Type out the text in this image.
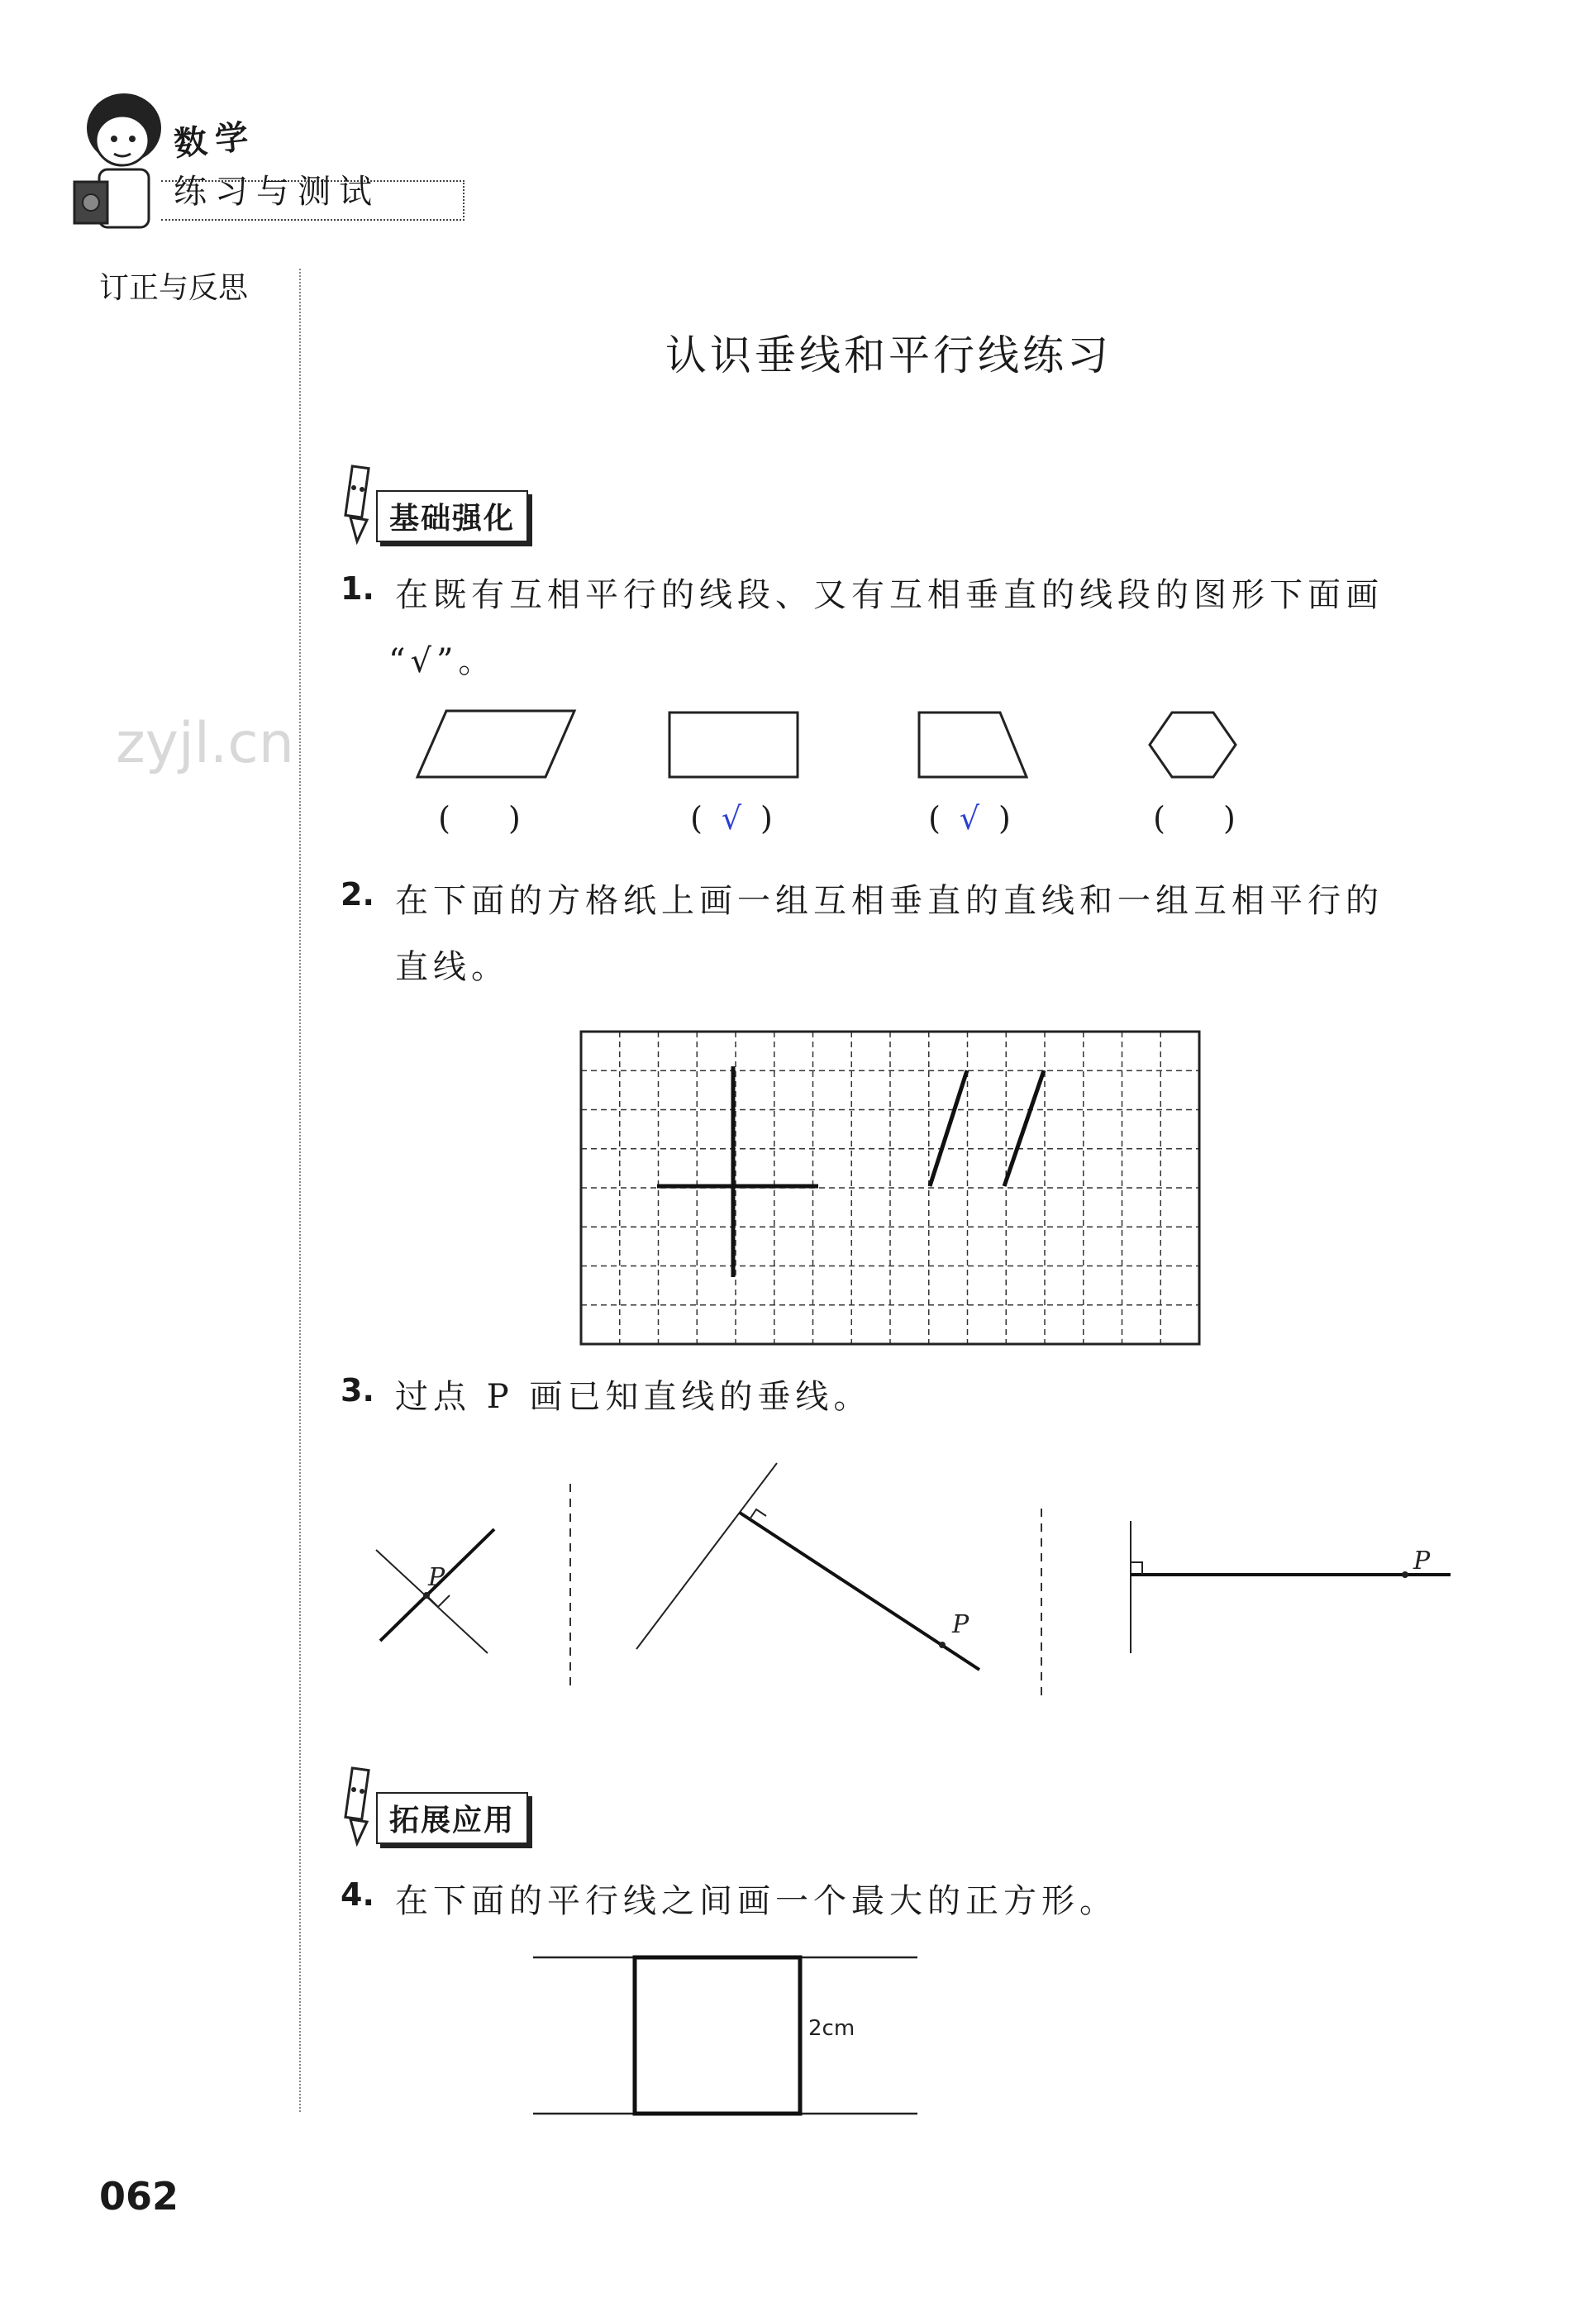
数学
练习与测试
订正与反思
zyjl.cn
认识垂线和平行线练习
基础强化
1. 在既有互相平行的线段、又有互相垂直的线段的图形下面画
“√”。
( )	( √ )	( √ )	( )
2. 在下面的方格纸上画一组互相垂直的直线和一组互相平行的
直线。
3. 过点 P 画已知直线的垂线。
P
P
P
拓展应用
4. 在下面的平行线之间画一个最大的正方形。
2cm
062
